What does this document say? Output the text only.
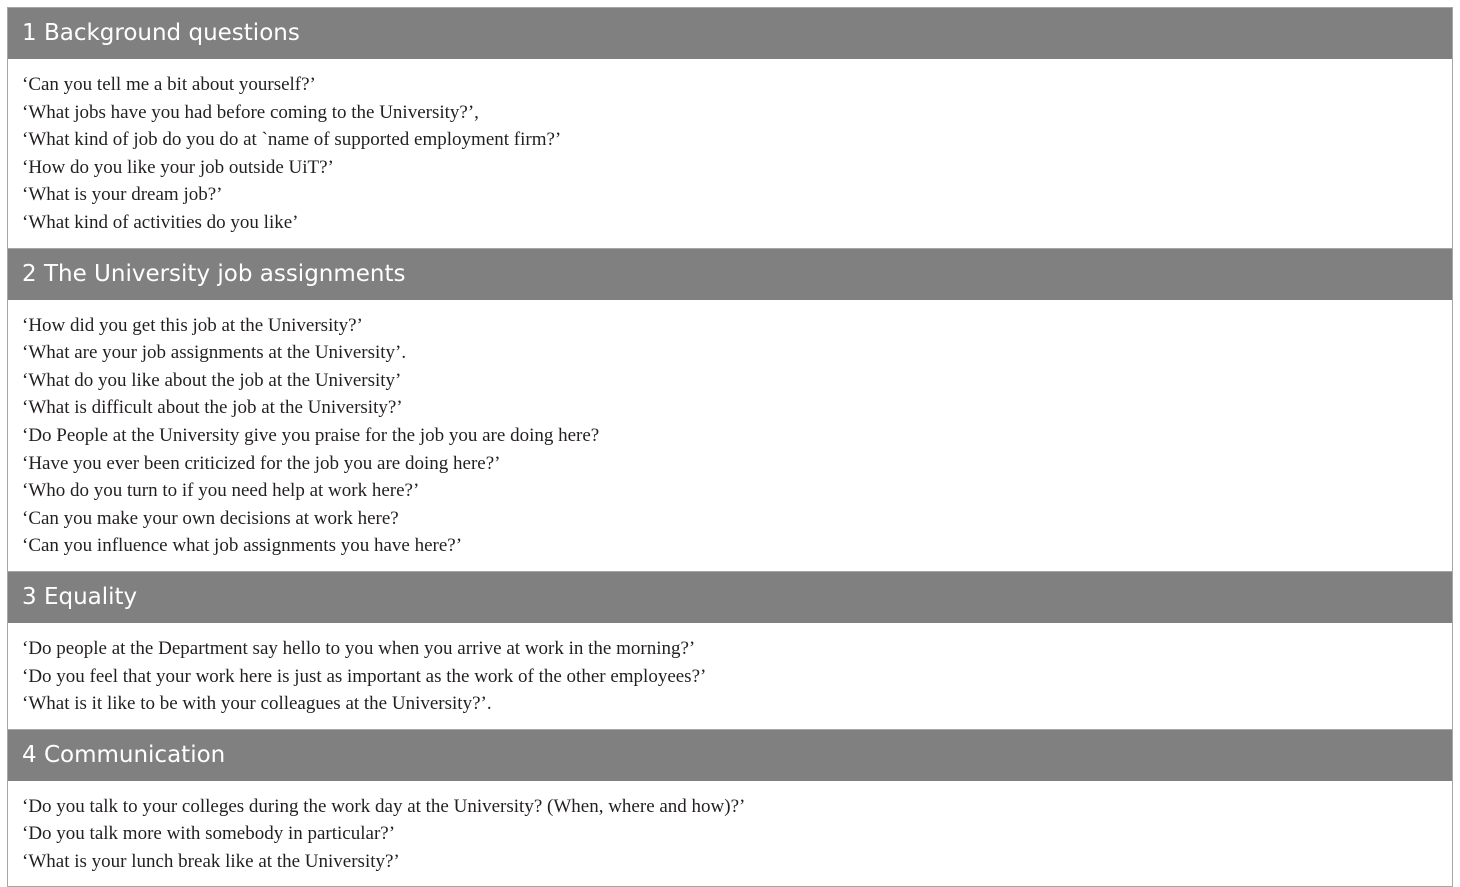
1 Background questions
‘Can you tell me a bit about yourself?’
‘What jobs have you had before coming to the University?’,
‘What kind of job do you do at `name of supported employment firm?’
‘How do you like your job outside UiT?’
‘What is your dream job?’
‘What kind of activities do you like’
2 The University job assignments
‘How did you get this job at the University?’
‘What are your job assignments at the University’.
‘What do you like about the job at the University’
‘What is difficult about the job at the University?’
‘Do People at the University give you praise for the job you are doing here?
‘Have you ever been criticized for the job you are doing here?’
‘Who do you turn to if you need help at work here?’
‘Can you make your own decisions at work here?
‘Can you influence what job assignments you have here?’
3 Equality
‘Do people at the Department say hello to you when you arrive at work in the morning?’
‘Do you feel that your work here is just as important as the work of the other employees?’
‘What is it like to be with your colleagues at the University?’.
4 Communication
‘Do you talk to your colleges during the work day at the University? (When, where and how)?’
‘Do you talk more with somebody in particular?’
‘What is your lunch break like at the University?’
